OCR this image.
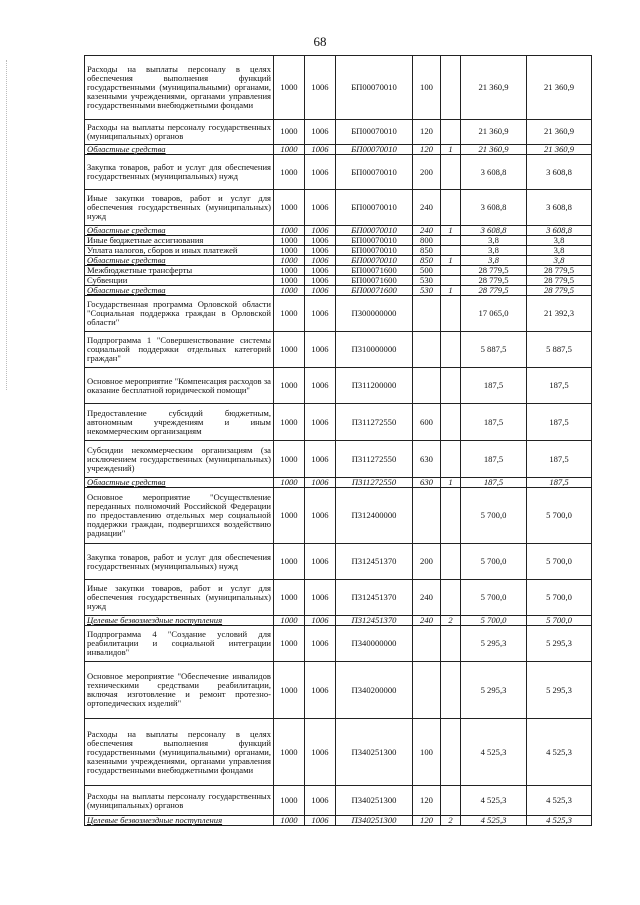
68
Расходы на выплаты персоналу в целях обеспечения выполнения функций государственными (муниципальными) органами, казенными учреждениями, органами управления государственными внебюджетными фондами	1000	1006	БП00070010	100		21 360,9	21 360,9
Расходы на выплаты персоналу государственных (муниципальных) органов	1000	1006	БП00070010	120		21 360,9	21 360,9
Областные средства	1000	1006	БП00070010	120	1	21 360,9	21 360,9
Закупка товаров, работ и услуг для обеспечения государственных (муниципальных) нужд	1000	1006	БП00070010	200		3 608,8	3 608,8
Иные закупки товаров, работ и услуг для обеспечения государственных (муниципальных) нужд	1000	1006	БП00070010	240		3 608,8	3 608,8
Областные средства	1000	1006	БП00070010	240	1	3 608,8	3 608,8
Иные бюджетные ассигнования	1000	1006	БП00070010	800		3,8	3,8
Уплата налогов, сборов и иных платежей	1000	1006	БП00070010	850		3,8	3,8
Областные средства	1000	1006	БП00070010	850	1	3,8	3,8
Межбюджетные трансферты	1000	1006	БП00071600	500		28 779,5	28 779,5
Субвенции	1000	1006	БП00071600	530		28 779,5	28 779,5
Областные средства	1000	1006	БП00071600	530	1	28 779,5	28 779,5
Государственная программа Орловской области "Социальная поддержка граждан в Орловской области"	1000	1006	П300000000			17 065,0	21 392,3
Подпрограмма 1 "Совершенствование системы социальной поддержки отдельных категорий граждан"	1000	1006	П310000000			5 887,5	5 887,5
Основное мероприятие "Компенсация расходов за оказание бесплатной юридической помощи"	1000	1006	П311200000			187,5	187,5
Предоставление субсидий бюджетным, автономным учреждениям и иным некоммерческим организациям	1000	1006	П311272550	600		187,5	187,5
Субсидии некоммерческим организациям (за исключением государственных (муниципальных) учреждений)	1000	1006	П311272550	630		187,5	187,5
Областные средства	1000	1006	П311272550	630	1	187,5	187,5
Основное мероприятие "Осуществление переданных полномочий Российской Федерации по предоставлению отдельных мер социальной поддержки граждан, подвергшихся воздействию радиации"	1000	1006	П312400000			5 700,0	5 700,0
Закупка товаров, работ и услуг для обеспечения государственных (муниципальных) нужд	1000	1006	П312451370	200		5 700,0	5 700,0
Иные закупки товаров, работ и услуг для обеспечения государственных (муниципальных) нужд	1000	1006	П312451370	240		5 700,0	5 700,0
Целевые безвозмездные поступления	1000	1006	П312451370	240	2	5 700,0	5 700,0
Подпрограмма 4 "Создание условий для реабилитации и социальной интеграции инвалидов"	1000	1006	П340000000			5 295,3	5 295,3
Основное мероприятие "Обеспечение инвалидов техническими средствами реабилитации, включая изготовление и ремонт протезно-ортопедических изделий"	1000	1006	П340200000			5 295,3	5 295,3
Расходы на выплаты персоналу в целях обеспечения выполнения функций государственными (муниципальными) органами, казенными учреждениями, органами управления государственными внебюджетными фондами	1000	1006	П340251300	100		4 525,3	4 525,3
Расходы на выплаты персоналу государственных (муниципальных) органов	1000	1006	П340251300	120		4 525,3	4 525,3
Целевые безвозмездные поступления	1000	1006	П340251300	120	2	4 525,3	4 525,3
